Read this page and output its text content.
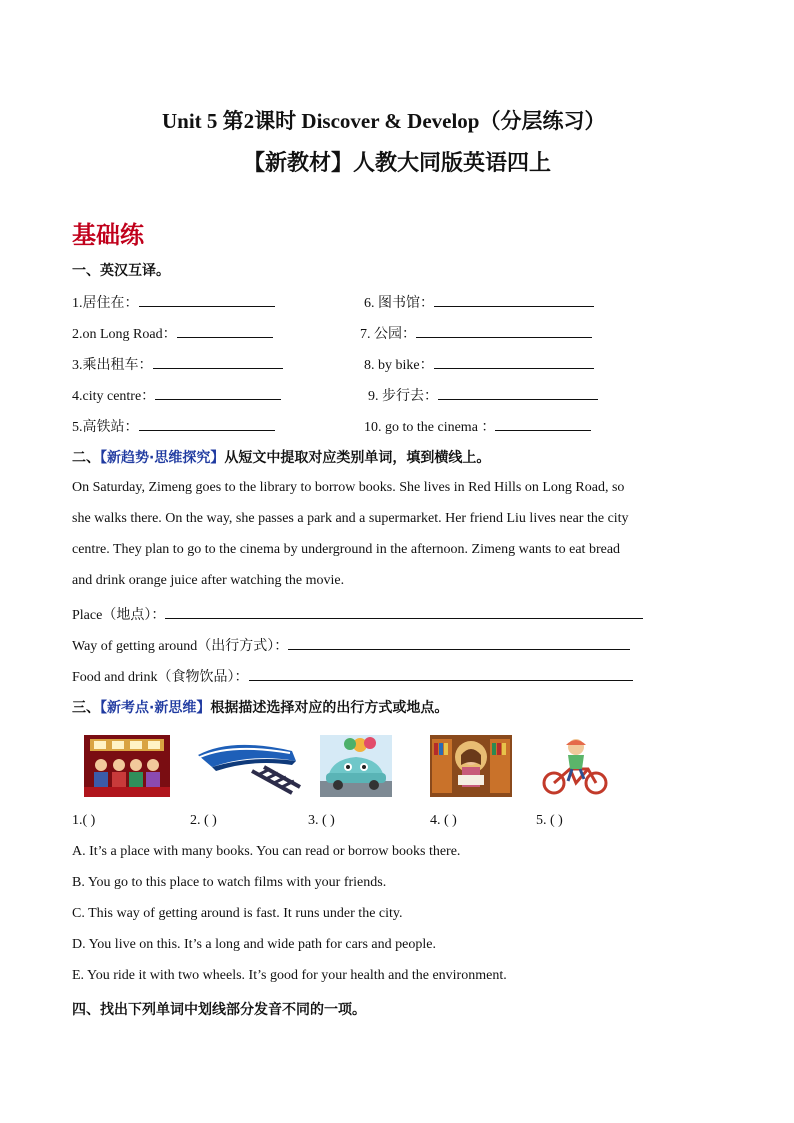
Unit 5 第2课时 Discover & Develop（分层练习）
【新教材】人教大同版英语四上
基础练
一、英汉互译。
1.居住在：
2.on Long Road：
3.乘出租车：
4.city centre：
5.高铁站：
6. 图书馆：
7. 公园：
8. by bike：
9. 步行去：
10. go to the cinema ：
二、【新趋势·思维探究】从短文中提取对应类别单词，填到横线上。
On Saturday, Zimeng goes to the library to borrow books. She lives in Red Hills on Long Road, so
she walks there. On the way, she passes a park and a supermarket. Her friend Liu lives near the city
centre. They plan to go to the cinema by underground in the afternoon. Zimeng wants to eat bread
and drink orange juice after watching the movie.
Place（地点）：
Way of getting around（出行方式）：
Food and drink（食物饮品）：
三、【新考点·新思维】根据描述选择对应的出行方式或地点。
1.( )	2. ( )	3. ( )	4. ( )	5. ( )
A. It’s a place with many books. You can read or borrow books there.
B. You go to this place to watch films with your friends.
C. This way of getting around is fast. It runs under the city.
D. You live on this. It’s a long and wide path for cars and people.
E. You ride it with two wheels. It’s good for your health and the environment.
四、找出下列单词中划线部分发音不同的一项。
